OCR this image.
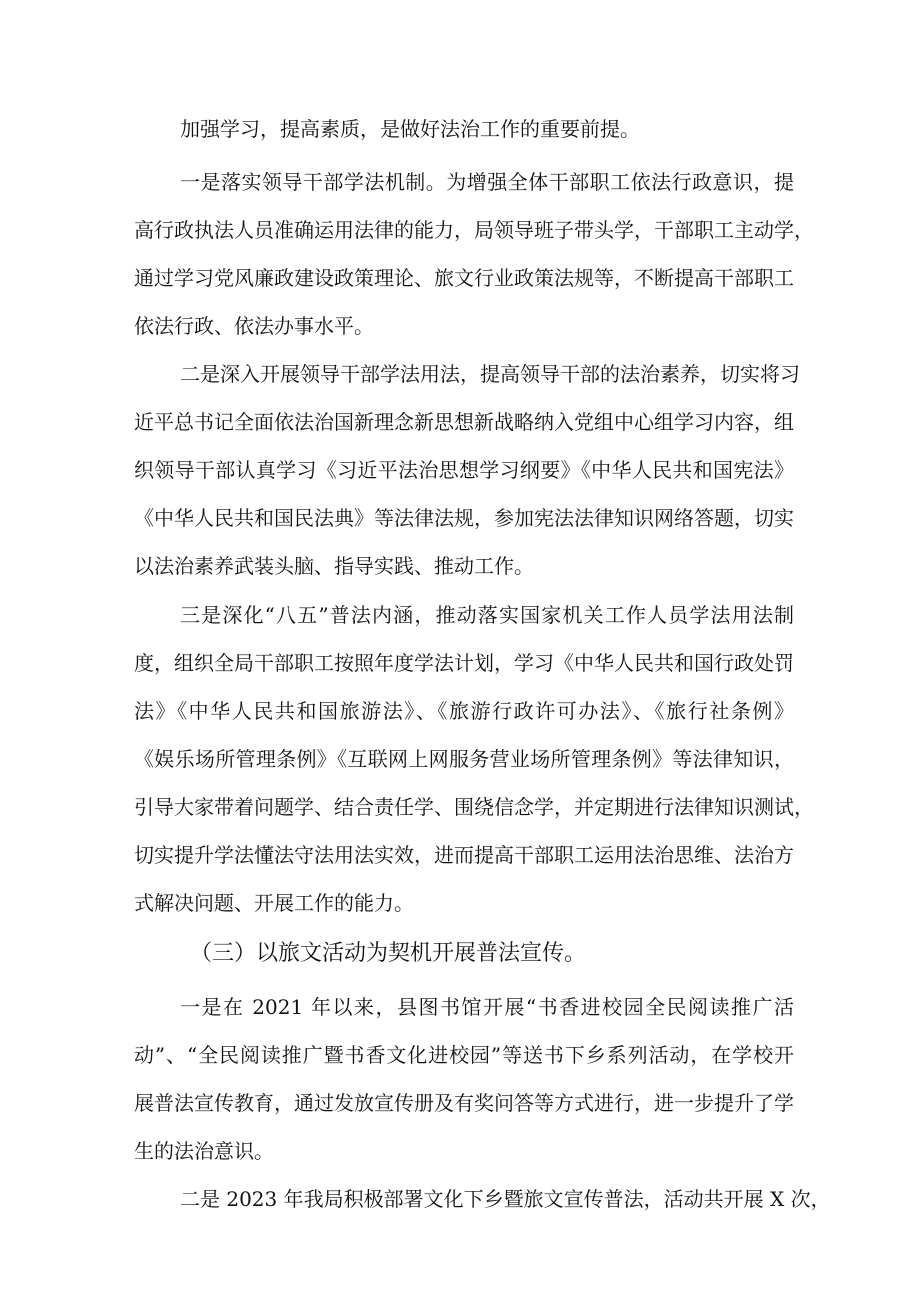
加强学习，提高素质，是做好法治工作的重要前提。

一是落实领导干部学法机制。为增强全体干部职工依法行政意识，提

高行政执法人员准确运用法律的能力，局领导班子带头学，干部职工主动学，

通过学习党风廉政建设政策理论、旅文行业政策法规等，不断提高干部职工

依法行政、依法办事水平。

二是深入开展领导干部学法用法，提高领导干部的法治素养，切实将习

近平总书记全面依法治国新理念新思想新战略纳入党组中心组学习内容，组

织领导干部认真学习《习近平法治思想学习纲要》《中华人民共和国宪法》

《中华人民共和国民法典》等法律法规，参加宪法法律知识网络答题，切实

以法治素养武装头脑、指导实践、推动工作。

三是深化“八五”普法内涵，推动落实国家机关工作人员学法用法制

度，组织全局干部职工按照年度学法计划，学习《中华人民共和国行政处罚

法》《中华人民共和国旅游法》、《旅游行政许可办法》、《旅行社条例》

《娱乐场所管理条例》《互联网上网服务营业场所管理条例》等法律知识，

引导大家带着问题学、结合责任学、围绕信念学，并定期进行法律知识测试，

切实提升学法懂法守法用法实效，进而提高干部职工运用法治思维、法治方

式解决问题、开展工作的能力。

（三）以旅文活动为契机开展普法宣传。

一是在 2021 年以来，县图书馆开展“书香进校园全民阅读推广活

动”、“全民阅读推广暨书香文化进校园”等送书下乡系列活动，在学校开

展普法宣传教育，通过发放宣传册及有奖问答等方式进行，进一步提升了学

生的法治意识。

二是 2023 年我局积极部署文化下乡暨旅文宣传普法，活动共开展 X 次，
